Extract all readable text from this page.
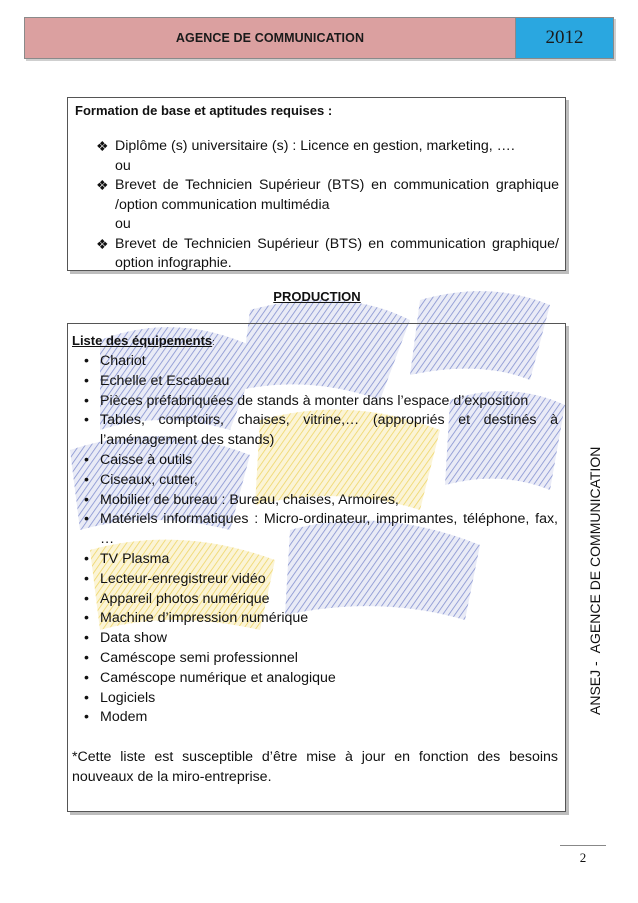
AGENCE DE COMMUNICATION	2012

Formation de base et aptitudes requises :

❖ Diplôme (s) universitaire (s) : Licence en gestion, marketing, ….
ou
❖ Brevet de Technicien Supérieur (BTS) en communication graphique /option communication multimédia
ou
❖ Brevet de Technicien Supérieur (BTS) en communication graphique/ option infographie.
PRODUCTION

Liste des équipements:

• Chariot
• Echelle et Escabeau
• Pièces préfabriquées de stands à monter dans l’espace d’exposition
• Tables, comptoirs, chaises, vitrine,… (appropriés et destinés à l’aménagement des stands)
• Caisse à outils
• Ciseaux, cutter,
• Mobilier de bureau : Bureau, chaises, Armoires,
• Matériels informatiques : Micro-ordinateur, imprimantes, téléphone, fax, …
• TV Plasma
• Lecteur-enregistreur vidéo
• Appareil photos numérique
• Machine d’impression numérique
• Data show
• Caméscope semi professionnel
• Caméscope numérique et analogique
• Logiciels
• Modem
*Cette liste est susceptible d’être mise à jour en fonction des besoins nouveaux de la miro-entreprise.
ANSEJ -
AGENCE DE COMMUNICATION
2
